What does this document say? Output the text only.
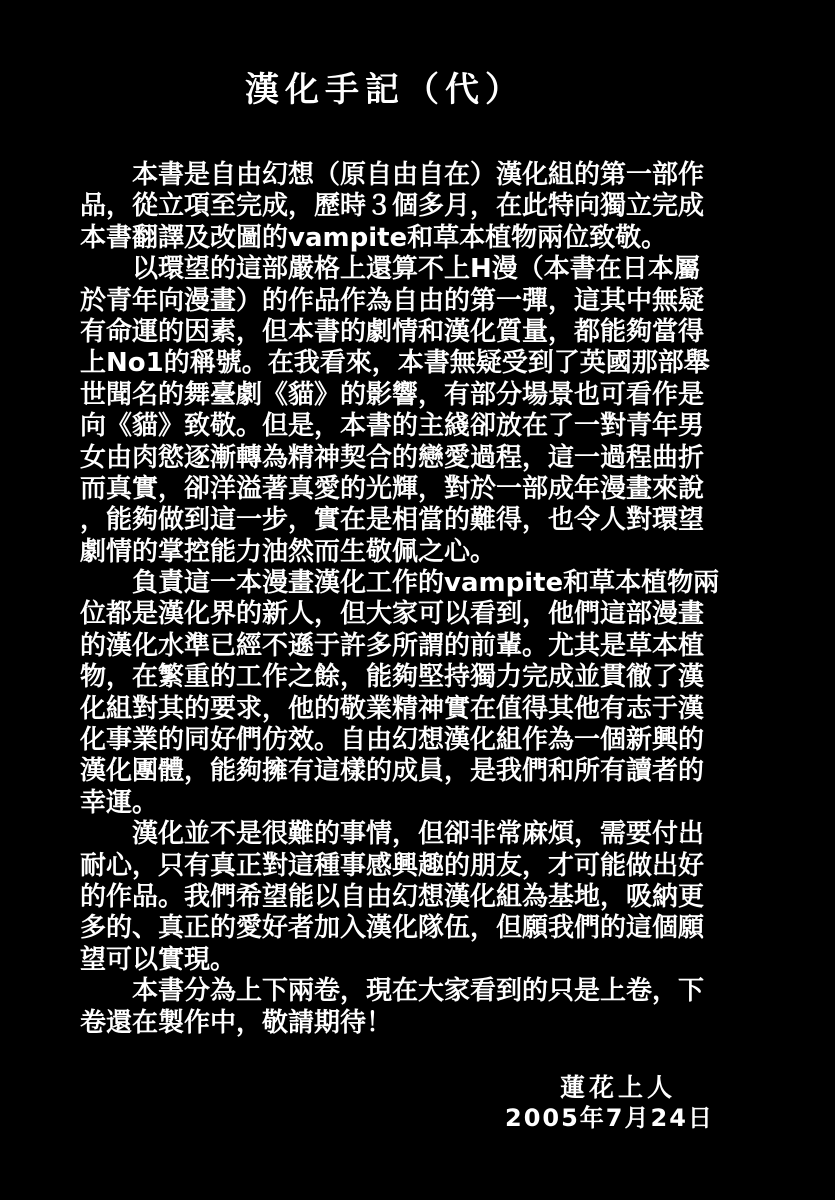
漢化手記（代）
　　本書是自由幻想（原自由自在）漢化組的第一部作
品，從立項至完成，歷時３個多月，在此特向獨立完成
本書翻譯及改圖的vampite和草本植物兩位致敬。
　　以環望的這部嚴格上還算不上H漫（本書在日本屬
於青年向漫畫）的作品作為自由的第一彈，這其中無疑
有命運的因素，但本書的劇情和漢化質量，都能夠當得
上No1的稱號。在我看來，本書無疑受到了英國那部舉
世聞名的舞臺劇《貓》的影響，有部分場景也可看作是
向《貓》致敬。但是，本書的主綫卻放在了一對青年男
女由肉慾逐漸轉為精神契合的戀愛過程，這一過程曲折
而真實，卻洋溢著真愛的光輝，對於一部成年漫畫來說
，能夠做到這一步，實在是相當的難得，也令人對環望
劇情的掌控能力油然而生敬佩之心。
　　負責這一本漫畫漢化工作的vampite和草本植物兩
位都是漢化界的新人，但大家可以看到，他們這部漫畫
的漢化水準已經不遜于許多所謂的前輩。尤其是草本植
物，在繁重的工作之餘，能夠堅持獨力完成並貫徹了漢
化組對其的要求，他的敬業精神實在值得其他有志于漢
化事業的同好們仿效。自由幻想漢化組作為一個新興的
漢化團體，能夠擁有這樣的成員，是我們和所有讀者的
幸運。
　　漢化並不是很難的事情，但卻非常麻煩，需要付出
耐心，只有真正對這種事感興趣的朋友，才可能做出好
的作品。我們希望能以自由幻想漢化組為基地，吸納更
多的、真正的愛好者加入漢化隊伍，但願我們的這個願
望可以實現。
　　本書分為上下兩卷，現在大家看到的只是上卷，下
卷還在製作中，敬請期待！
蓮花上人
2005年7月24日
